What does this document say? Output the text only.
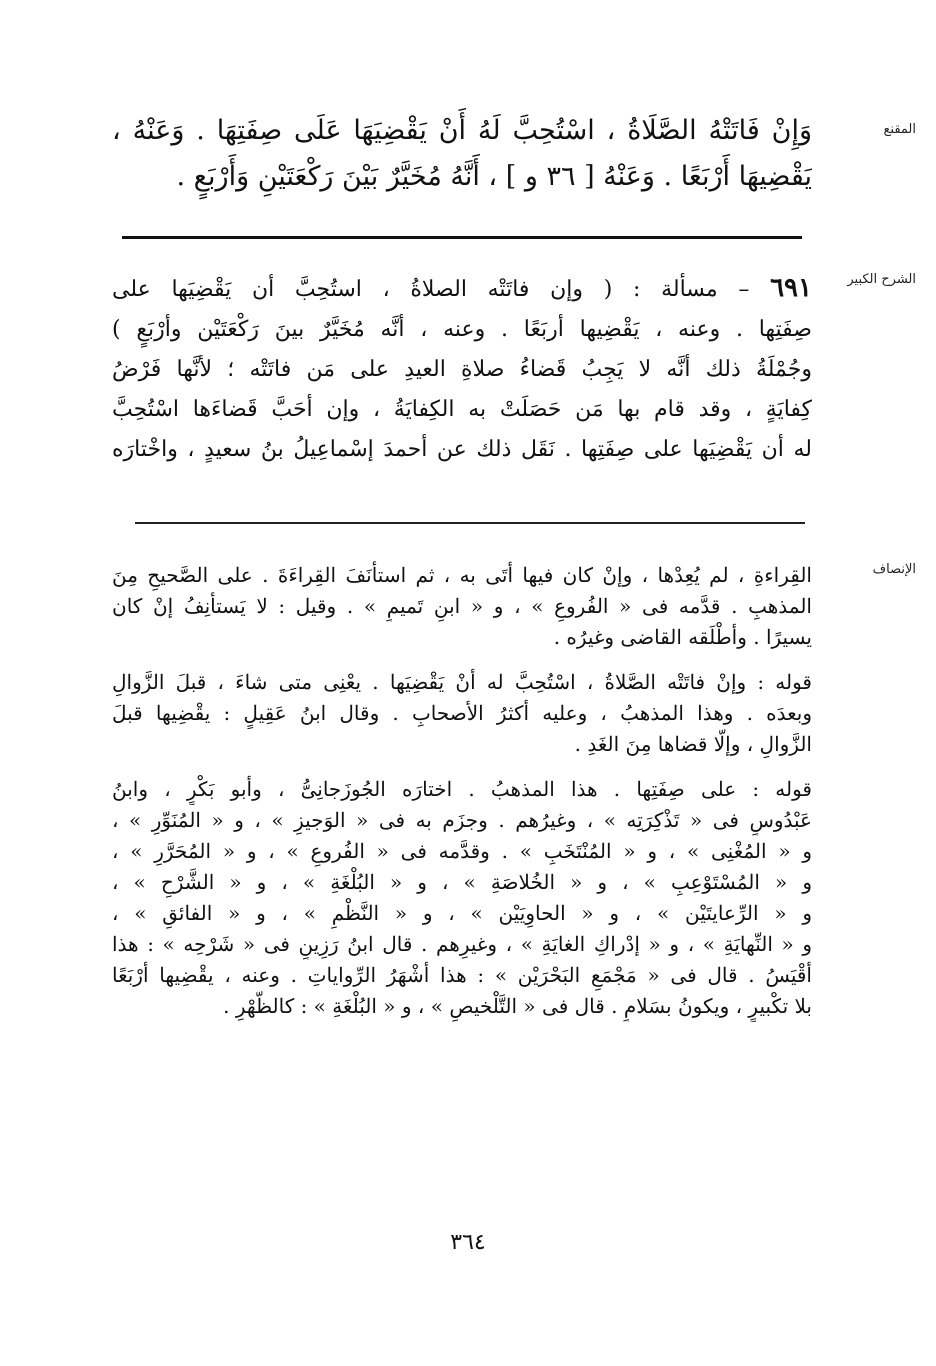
المقنع
وَإِنْ فَاتَتْهُ الصَّلَاةُ ، اسْتُحِبَّ لَهُ أَنْ يَقْضِيَهَا عَلَى صِفَتِهَا . وَعَنْهُ ،
يَقْضِيهَا أَرْبَعًا . وَعَنْهُ [ ٣٦ و ] ، أَنَّهُ مُخَيَّرٌ بَيْنَ رَكْعَتَيْنِ وَأَرْبَعٍ .
الشرح الكبير
٦٩١ – مسألة : ( وإن فاتَتْه الصلاةُ ، استُحِبَّ أن يَقْضِيَها على
صِفَتِها . وعنه ، يَقْضِيها أربَعًا . وعنه ، أنَّه مُخَيَّرٌ بينَ رَكْعَتَيْن وأرْبَعٍ )
وجُمْلَةُ ذلك أنَّه لا يَجِبُ قَضاءُ صلاةِ العيدِ على مَن فاتَتْه ؛ لأنَّها فَرْضُ
كِفايَةٍ ، وقد قام بها مَن حَصَلَتْ به الكِفايَةُ ، وإن أحَبَّ قَضاءَها اسْتُحِبَّ
له أن يَقْضِيَها على صِفَتِها . نَقَل ذلك عن أحمدَ إسْماعِيلُ بنُ سعيدٍ ، واخْتارَه
الإنصاف
القِراءةِ ، لم يُعِدْها ، وإنْ كان فيها أتَى به ، ثم استأْنَفَ القِراءَةَ . على الصَّحيحِ مِنَ
المذهبِ . قدَّمه فى « الفُروعِ » ، و « ابنِ تَميمٍ » . وقيل : لا يَستأْنِفُ إنْ كان
يسيرًا . وأطْلَقه القاضى وغيرُه .
قوله : وإنْ فاتَتْه الصَّلاةُ ، اسْتُحِبَّ له أنْ يَقْضِيَها . يعْنِى متى شاءَ ، قبلَ الزَّوالِ
وبعدَه . وهذا المذهبُ ، وعليه أكثرُ الأصحابِ . وقال ابنُ عَقِيلٍ : يقْضِيها قبلَ
الزَّوالِ ، وإلَّا قضاها مِنَ الغَدِ .
قوله : على صِفَتِها . هذا المذهبُ . اختارَه الجُوزَجانِىُّ ، وأبو بَكْرٍ ، وابنُ
عَبْدُوسٍ فى « تَذْكِرَتِه » ، وغيرُهم . وجزَم به فى « الوَجيزِ » ، و « المُنَوِّرِ » ،
و « المُغْنِى » ، و « المُنْتَخَبِ » . وقدَّمه فى « الفُروعِ » ، و « المُحَرَّرِ » ،
و « المُسْتَوْعِبِ » ، و « الخُلاصَةِ » ، و « البُلْغَةِ » ، و « الشَّرْحِ » ،
و « الرِّعايتَيْن » ، و « الحاوِيَيْن » ، و « النَّظْمِ » ، و « الفائقِ » ،
و « النِّهايَةِ » ، و « إدْراكِ الغايَةِ » ، وغيرِهم . قال ابنُ رَزِينٍ فى « شَرْحِه » : هذا
أقْيَسُ . قال فى « مَجْمَعِ البَحْرَيْن » : هذا أشْهَرُ الرِّواياتِ . وعنه ، يقْضِيها أرْبَعًا
بلا تكْبيرٍ ، ويكونُ بسَلامٍ . قال فى « التَّلْخيصِ » ، و « البُلْغَةِ » : كالظُّهْرِ .
٣٦٤
